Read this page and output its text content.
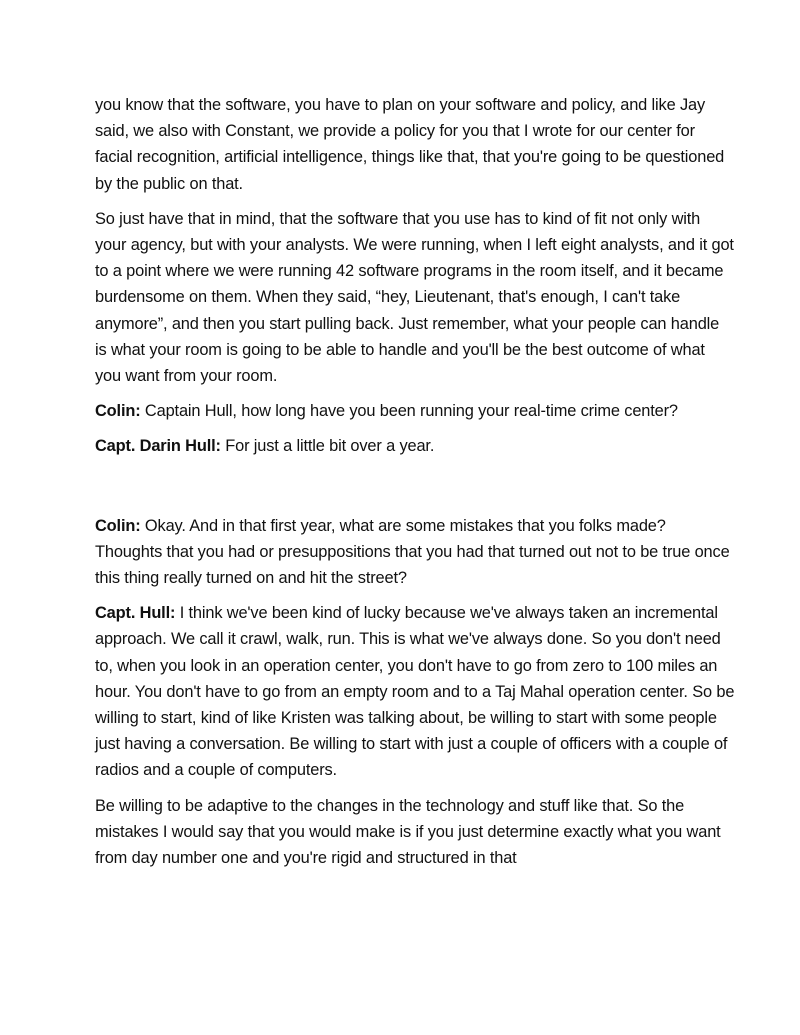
you know that the software, you have to plan on your software and policy, and like Jay said, we also with Constant, we provide a policy for you that I wrote for our center for facial recognition, artificial intelligence, things like that, that you're going to be questioned by the public on that.

So just have that in mind, that the software that you use has to kind of fit not only with your agency, but with your analysts. We were running, when I left eight analysts, and it got to a point where we were running 42 software programs in the room itself, and it became burdensome on them. When they said, “hey, Lieutenant, that's enough, I can't take anymore”, and then you start pulling back. Just remember, what your people can handle is what your room is going to be able to handle and you'll be the best outcome of what you want from your room.

Colin: Captain Hull, how long have you been running your real-time crime center?

Capt. Darin Hull: For just a little bit over a year.

Colin: Okay. And in that first year, what are some mistakes that you folks made? Thoughts that you had or presuppositions that you had that turned out not to be true once this thing really turned on and hit the street?

Capt. Hull: I think we've been kind of lucky because we've always taken an incremental approach. We call it crawl, walk, run. This is what we've always done. So you don't need to, when you look in an operation center, you don't have to go from zero to 100 miles an hour. You don't have to go from an empty room and to a Taj Mahal operation center. So be willing to start, kind of like Kristen was talking about, be willing to start with some people just having a conversation. Be willing to start with just a couple of officers with a couple of radios and a couple of computers.

Be willing to be adaptive to the changes in the technology and stuff like that. So the mistakes I would say that you would make is if you just determine exactly what you want from day number one and you're rigid and structured in that
